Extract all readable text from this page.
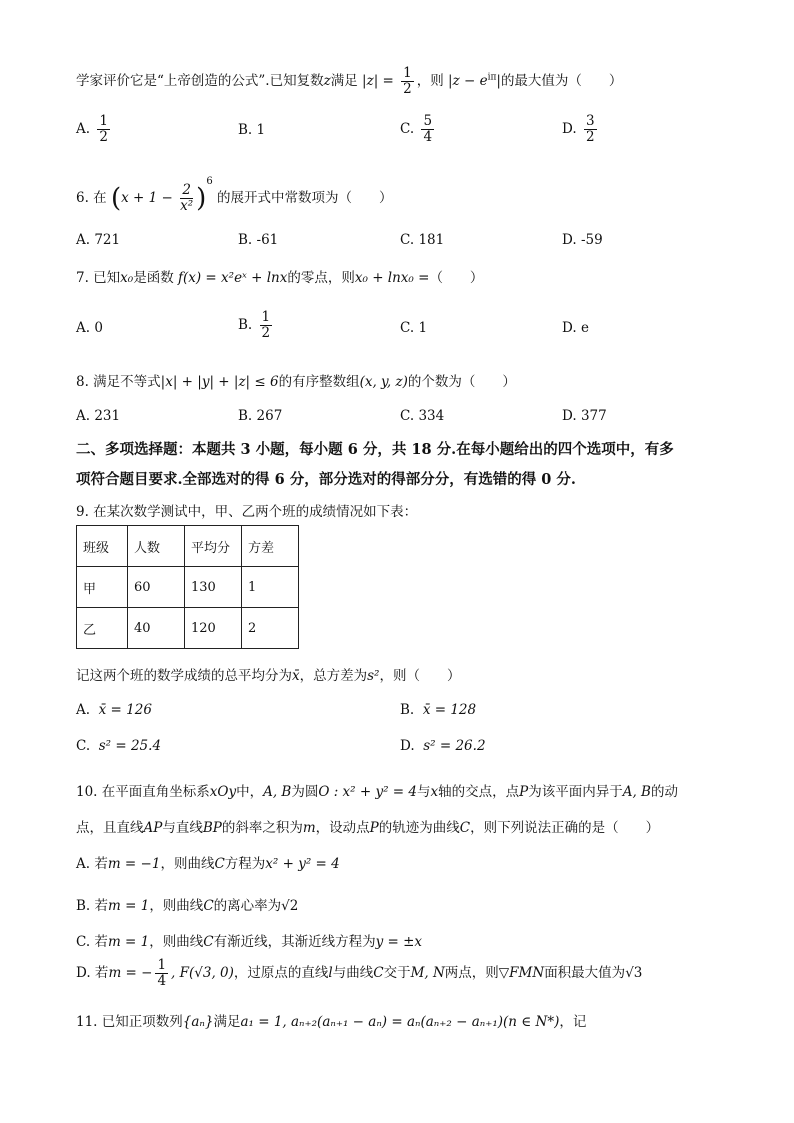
学家评价它是“上帝创造的公式”.已知复数z满足 $|z| = \frac{1}{2}$ ，则 $|z - e^{i\pi}|$的最大值为（　　）
A. $\frac{1}{2}$	B. 1	C. $\frac{5}{4}$	D. $\frac{3}{2}$
6. 在 $(x + 1 - \frac{2}{\text{x²}} )^6$ 的展开式中常数项为（　　）
A. 721	B. -61	C. 181	D. -59
7. 已知x₀是函数 f(x) = x²eˣ + lnx的零点，则x₀ + lnx₀ =（　　）
A. 0	B. $\frac{1}{2}$	C. 1	D. e
8. 满足不等式|x| + |y| + |z| ≤ 6的有序整数组(x, y, z)的个数为（　　）
A. 231	B. 267	C. 334	D. 377
二、多项选择题：本题共 3 小题，每小题 6 分，共 18 分.在每小题给出的四个选项中，有多
项符合题目要求.全部选对的得 6 分，部分选对的得部分分，有选错的得 0 分.
9. 在某次数学测试中，甲、乙两个班的成绩情况如下表：
班级	人数	平均分	方差
甲	60	130	1
乙	40	120	2
记这两个班的数学成绩的总平均分为x̄，总方差为s²，则（　　）
A. x̄ = 126	B. x̄ = 128
C. s² = 25.4	D. s² = 26.2
10. 在平面直角坐标系xOy中，A, B为圆O : x² + y² = 4与x轴的交点，点P为该平面内异于A, B的动
点，且直线AP与直线BP的斜率之积为m，设动点P的轨迹为曲线C，则下列说法正确的是（　　）
A. 若m = −1，则曲线C方程为x² + y² = 4
B. 若m = 1，则曲线C的离心率为√2
C. 若m = 1，则曲线C有渐近线，其渐近线方程为y = ±x
D. 若m = − $\frac{1}{4}$ , F(√3, 0)，过原点的直线l与曲线C交于M, N两点，则▽FMN面积最大值为√3
11. 已知正项数列{aₙ}满足a₁ = 1, aₙ₊₂(aₙ₊₁ − aₙ) = aₙ(aₙ₊₂ − aₙ₊₁)(n ∈ N*)，记
